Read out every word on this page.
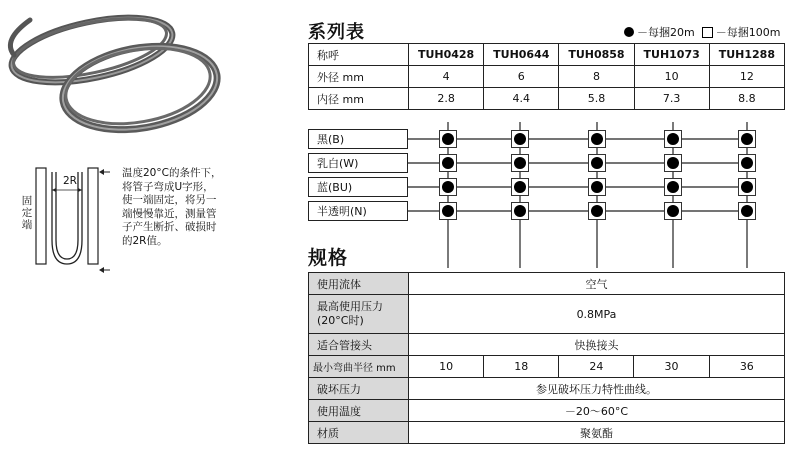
2R
固定端
温度20°C的条件下，
将管子弯成U字形，
使一端固定，将另一
端慢慢靠近，测量管
子产生断折、破损时
的2R值。
系列表	－每捆20m －每捆100m
称呼	TUH0428	TUH0644	TUH0858	TUH1073	TUH1288
外径 mm	4	6	8	10	12
内径 mm	2.8	4.4	5.8	7.3	8.8
黑(B)
乳白(W)
蓝(BU)
半透明(N)
规格
使用流体	空气				

最高使用压力
(20°C时)	0.8MPa				
适合管接头	快换接头				
最小弯曲半径 mm	10	18	24	30	36
破坏压力	参见破坏压力特性曲线。				
使用温度	－20～60°C				
材质	聚氨酯				
